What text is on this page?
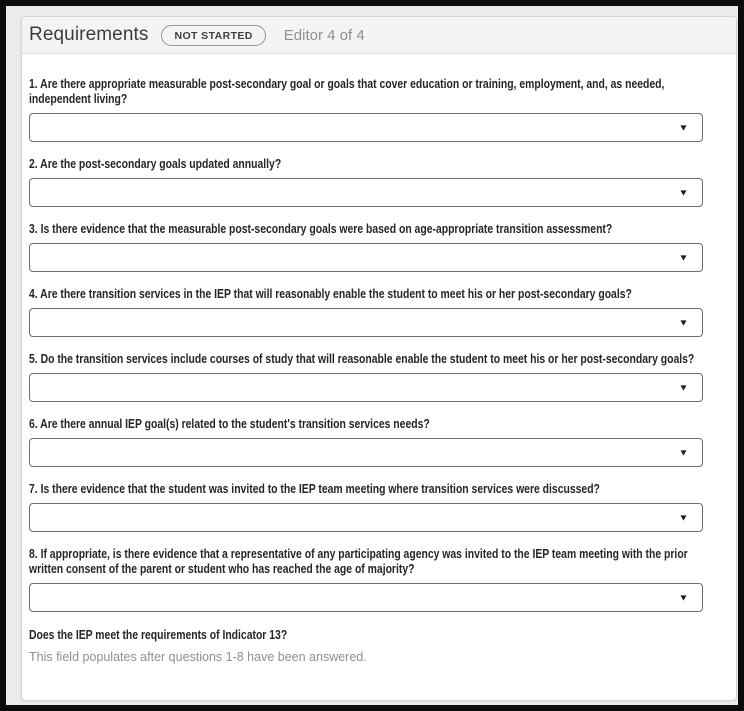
Requirements	NOT STARTED	Editor 4 of 4
1. Are there appropriate measurable post-secondary goal or goals that cover education or training, employment, and, as needed, independent living?
▼
2. Are the post-secondary goals updated annually?
▼
3. Is there evidence that the measurable post-secondary goals were based on age-appropriate transition assessment?
▼
4. Are there transition services in the IEP that will reasonably enable the student to meet his or her post-secondary goals?
▼
5. Do the transition services include courses of study that will reasonable enable the student to meet his or her post-secondary goals?
▼
6. Are there annual IEP goal(s) related to the student's transition services needs?
▼
7. Is there evidence that the student was invited to the IEP team meeting where transition services were discussed?
▼
8. If appropriate, is there evidence that a representative of any participating agency was invited to the IEP team meeting with the prior written consent of the parent or student who has reached the age of majority?
▼
Does the IEP meet the requirements of Indicator 13?
This field populates after questions 1-8 have been answered.
